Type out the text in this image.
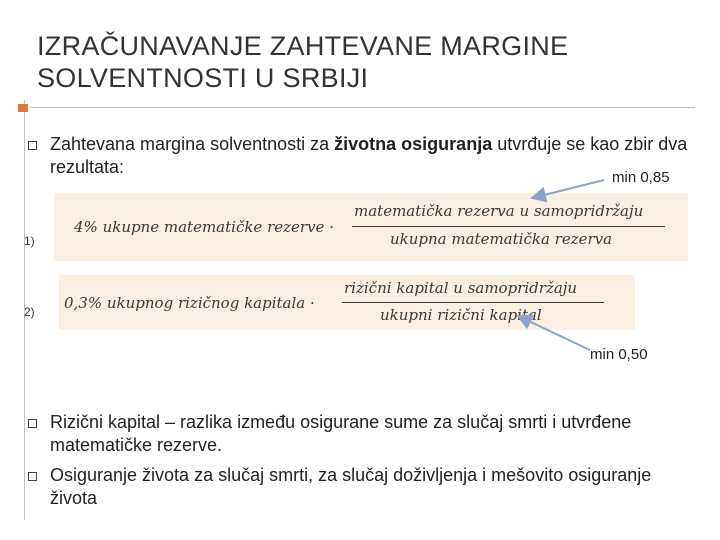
IZRAČUNAVANJE ZAHTEVANE MARGINE SOLVENTNOSTI U SRBIJI
Zahtevana margina solventnosti za životna osiguranja utvrđuje se kao zbir dva rezultata:
min 0,85
1)
4% ukupne matematičke rezerve ·
matematička rezerva u samopridržaju
ukupna matematička rezerva
2) 0,3% ukupnog rizičnog kapitala ·
rizični kapital u samopridržaju
ukupni rizični kapital
min 0,50
Rizični kapital – razlika između osigurane sume za slučaj smrti i utvrđene matematičke rezerve.
Osiguranje života za slučaj smrti, za slučaj doživljenja i mešovito osiguranje života
